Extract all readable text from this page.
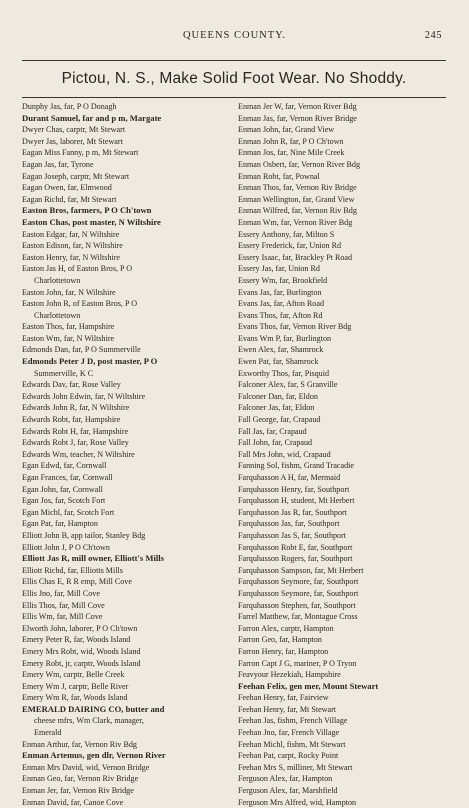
QUEENS COUNTY.	245
Pictou, N. S., Make Solid Foot Wear. No Shoddy.
Dunphy Jas, far, P O Donagh
Durant Samuel, far and p m, Margate
Dwyer Chas, carptr, Mt Stewart
Dwyer Jas, laborer, Mt Stewart
Eagan Miss Fanny, p m, Mt Stewart
Eagan Jas, far, Tyrone
Eagan Joseph, carptr, Mt Stewart
Eagan Owen, far, Elmwood
Eagan Richd, far, Mt Stewart
Easton Bros, farmers, P O Ch'town
Easton Chas, post master, N Wiltshire
Easton Edgar, far, N Wiltshire
Easton Edison, far, N Wiltshire
Easton Henry, far, N Wiltshire
Easton Jas H, of Easton Bros, P O
Charlottetown
Easton John, far, N Wiltshire
Easton John R, of Easton Bros, P O
Charlottetown
Easton Thos, far, Hampshire
Easton Wm, far, N Wiltshire
Edmonds Dan, far, P O Summerville
Edmonds Peter J D, post master, P O
Summerville, K C
Edwards Dav, far, Rose Valley
Edwards John Edwin, far, N Wiltshire
Edwards John R, far, N Wiltshire
Edwards Robt, far, Hampshire
Edwards Robt H, far, Hampshire
Edwards Robt J, far, Rose Valley
Edwards Wm, teacher, N Wiltshire
Egan Edwd, far, Cornwall
Egan Frances, far, Cornwall
Egan John, far, Cornwall
Egan Jos, far, Scotch Fort
Egan Michl, far, Scotch Fort
Egan Pat, far, Hampton
Elliott John B, app tailor, Stanley Bdg
Elliott John J, P O Ch'town
Elliott Jas R, mill owner, Elliott's Mills
Elliott Richd, far, Elliotts Mills
Ellis Chas E, R R emp, Mill Cove
Ellis Jno, far, Mill Cove
Ellis Thos, far, Mill Cove
Ellis Wm, far, Mill Cove
Elworth John, laborer, P O Ch'town
Emery Peter R, far, Woods Island
Emery Mrs Robt, wid, Woods Island
Emery Robt, jr, carptr, Woods Island
Emery Wm, carptr, Belle Creek
Emery Wm J, carptr, Belle River
Emery Wm R, far, Woods Island
EMERALD DAIRING CO, butter and
cheese mfrs, Wm Clark, manager,
Emerald
Enman Arthur, far, Vernon Riv Bdg
Enman Artemus, gen dlr, Vernon River
Enman Mrs David, wid, Vernon Bridge
Enman Geo, far, Vernon Riv Bridge
Enman Jer, far, Vernon Riv Bridge
Enman David, far, Canoe Cove
Enman Jer W, far, Vernon River Bdg
Enman Jas, far, Vernon River Bridge
Enman John, far, Grand View
Enman John R, far, P O Ch'town
Enman Jos, far, Nine Mile Creek
Enman Osbert, far, Vernon River Bdg
Enman Robt, far, Pownal
Enman Thos, far, Vernon Riv Bridge
Enman Wellington, far, Grand View
Enman Wilfred, far, Vernon Riv Bdg
Enman Wm, far, Vernon River Bdg
Essery Anthony, far, Milton S
Essery Frederick, far, Union Rd
Essery Isaac, far, Brackley Pt Road
Essery Jas, far, Union Rd
Essery Wm, far, Brookfield
Evans Jas, far, Burlington
Evans Jas, far, Afton Road
Evans Thos, far, Afton Rd
Evans Thos, far, Vernon River Bdg
Evans Wm P, far, Burlington
Ewen Alex, far, Shamrock
Ewen Pat, far, Shamrock
Exworthy Thos, far, Pisquid
Falconer Alex, far, S Granville
Falconer Dan, far, Eldon
Falconer Jas, far, Eldon
Fall George, far, Crapaud
Fall Jas, far, Crapaud
Fall John, far, Crapaud
Fall Mrs John, wid, Crapaud
Fanning Sol, fishm, Grand Tracadie
Farquhasson A H, far, Mermaid
Farquhasson Henry, far, Southport
Farquhasson H, student, Mt Herbert
Farquhasson Jas R, far, Southport
Farquhasson Jas, far, Southport
Farquhasson Jas S, far, Southport
Farquhasson Robt E, far, Southport
Farquhasson Rogers, far, Southport
Farquhasson Sampson, far, Mt Herbert
Farquhasson Seymore, far, Southport
Farquhasson Seymore, far, Southport
Farquhasson Stephen, far, Southport
Farrel Matthew, far, Montague Cross
Farron Alex, carptr, Hampton
Farron Geo, far, Hampton
Farron Henry, far, Hampton
Farron Capt J G, mariner, P O Tryon
Feavyour Hezekiah, Hampshire
Feehan Felix, gen mer, Mount Stewart
Feehan Henry, far, Fairview
Feehan Henry, far, Mt Stewart
Feehan Jas, fishm, French Village
Feehan Jno, far, French Village
Feehan Michl, fishm, Mt Stewart
Feehan Pat, carpt, Rocky Point
Feehan Mrs S, milliner, Mt Stewart
Ferguson Alex, far, Hampton
Ferguson Alex, far, Marshfield
Ferguson Mrs Alfred, wid, Hampton
